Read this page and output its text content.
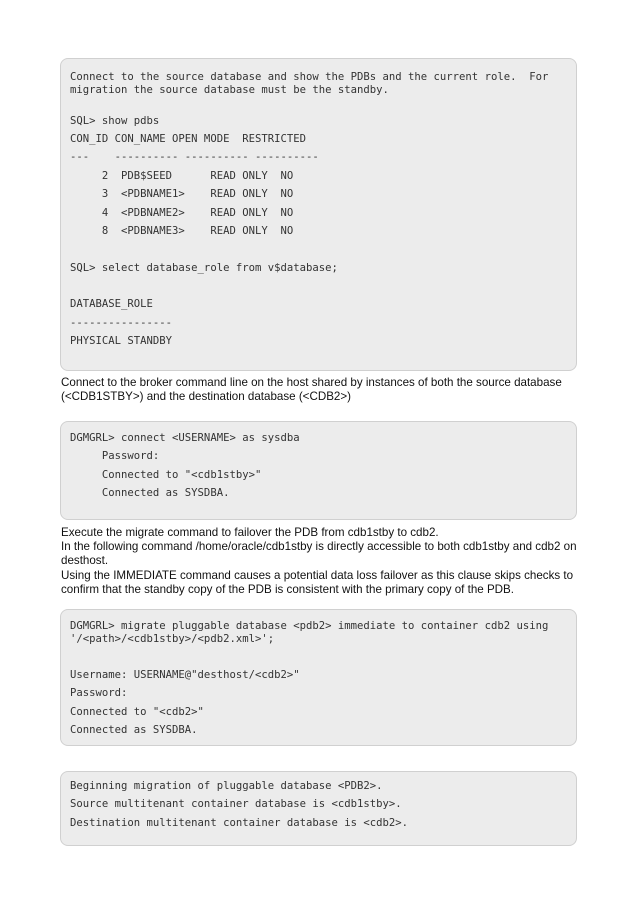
Connect to the source database and show the PDBs and the current role.  For
migration the source database must be the standby.
SQL> show pdbs
CON_ID CON_NAME OPEN MODE  RESTRICTED
---    ---------- ---------- ----------
2  PDB$SEED      READ ONLY  NO
3  <PDBNAME1>    READ ONLY  NO
4  <PDBNAME2>    READ ONLY  NO
8  <PDBNAME3>    READ ONLY  NO
SQL> select database_role from v$database;
DATABASE_ROLE
----------------
PHYSICAL STANDBY

Connect to the broker command line on the host shared by instances of both the source database (<CDB1STBY>) and the destination database (<CDB2>)

DGMGRL> connect <USERNAME> as sysdba
Password:
Connected to "<cdb1stby>"
Connected as SYSDBA.

Execute the migrate command to failover the PDB from cdb1stby to cdb2.

In the following command /home/oracle/cdb1stby is directly accessible to both cdb1stby and cdb2 on desthost.

Using the IMMEDIATE command causes a potential data loss failover as this clause skips checks to confirm that the standby copy of the PDB is consistent with the primary copy of the PDB.

DGMGRL> migrate pluggable database <pdb2> immediate to container cdb2 using
'/<path>/<cdb1stby>/<pdb2.xml>';
Username: USERNAME@"desthost/<cdb2>"
Password:
Connected to "<cdb2>"
Connected as SYSDBA.
Beginning migration of pluggable database <PDB2>.
Source multitenant container database is <cdb1stby>.
Destination multitenant container database is <cdb2>.
